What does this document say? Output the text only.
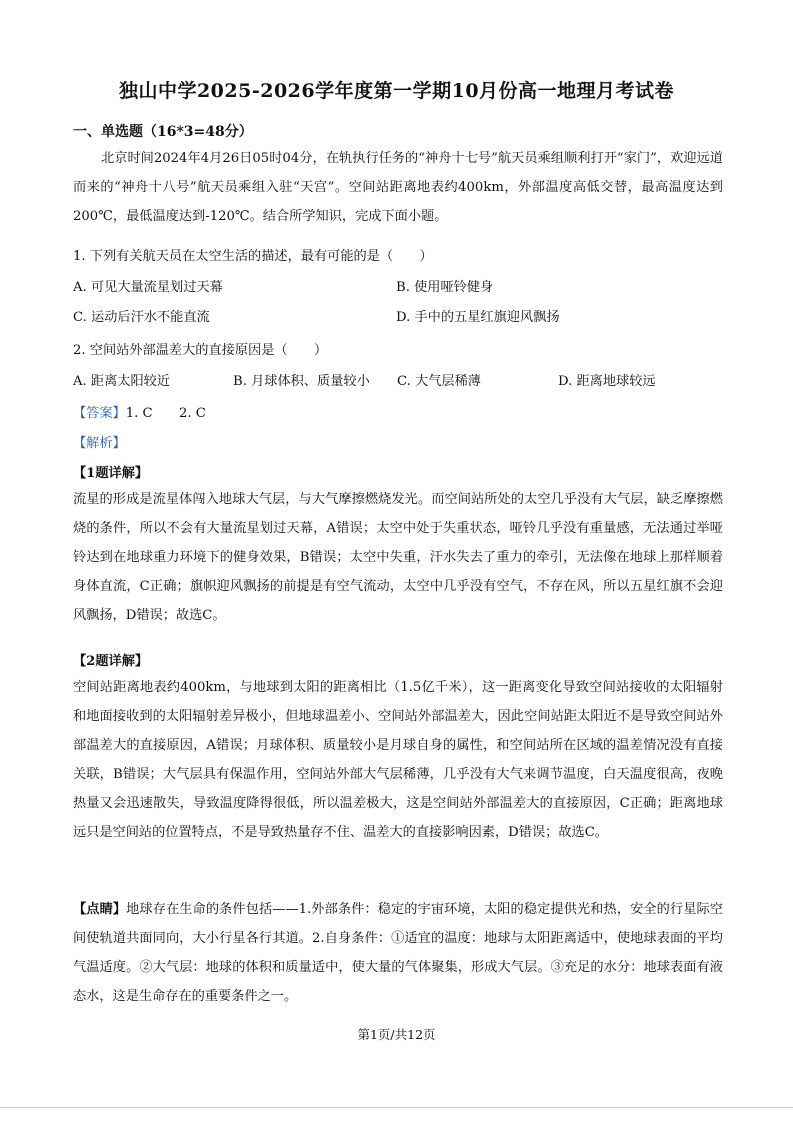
独山中学2025-2026学年度第一学期10月份高一地理月考试卷
一、单选题（16*3=48分）
北京时间2024年4月26日05时04分，在轨执行任务的“神舟十七号”航天员乘组顺利打开“家门”，欢迎远道而来的“神舟十八号”航天员乘组入驻“天宫”。空间站距离地表约400km，外部温度高低交替，最高温度达到200℃，最低温度达到-120℃。结合所学知识，完成下面小题。
1. 下列有关航天员在太空生活的描述，最有可能的是（　　）
A. 可见大量流星划过天幕	B. 使用哑铃健身
C. 运动后汗水不能直流	D. 手中的五星红旗迎风飘扬
2. 空间站外部温差大的直接原因是（　　）
A. 距离太阳较近	B. 月球体积、质量较小 C. 大气层稀薄	D. 距离地球较远
【答案】1. C　　2. C
【解析】
【1题详解】
流星的形成是流星体闯入地球大气层，与大气摩擦燃烧发光。而空间站所处的太空几乎没有大气层，缺乏摩擦燃烧的条件，所以不会有大量流星划过天幕，A错误；太空中处于失重状态，哑铃几乎没有重量感，无法通过举哑铃达到在地球重力环境下的健身效果，B错误；太空中失重，汗水失去了重力的牵引，无法像在地球上那样顺着身体直流，C正确；旗帜迎风飘扬的前提是有空气流动，太空中几乎没有空气，不存在风，所以五星红旗不会迎风飘扬，D错误；故选C。
【2题详解】
空间站距离地表约400km，与地球到太阳的距离相比（1.5亿千米），这一距离变化导致空间站接收的太阳辐射和地面接收到的太阳辐射差异极小，但地球温差小、空间站外部温差大，因此空间站距太阳近不是导致空间站外部温差大的直接原因，A错误；月球体积、质量较小是月球自身的属性，和空间站所在区域的温差情况没有直接关联，B错误；大气层具有保温作用，空间站外部大气层稀薄，几乎没有大气来调节温度，白天温度很高，夜晚热量又会迅速散失，导致温度降得很低，所以温差极大，这是空间站外部温差大的直接原因，C正确；距离地球远只是空间站的位置特点，不是导致热量存不住、温差大的直接影响因素，D错误；故选C。
【点睛】地球存在生命的条件包括——1.外部条件：稳定的宇宙环境，太阳的稳定提供光和热，安全的行星际空间使轨道共面同向，大小行星各行其道。2.自身条件：①适宜的温度：地球与太阳距离适中，使地球表面的平均气温适度。②大气层：地球的体积和质量适中，使大量的气体聚集，形成大气层。③充足的水分：地球表面有液态水，这是生命存在的重要条件之一。
第1页/共12页
